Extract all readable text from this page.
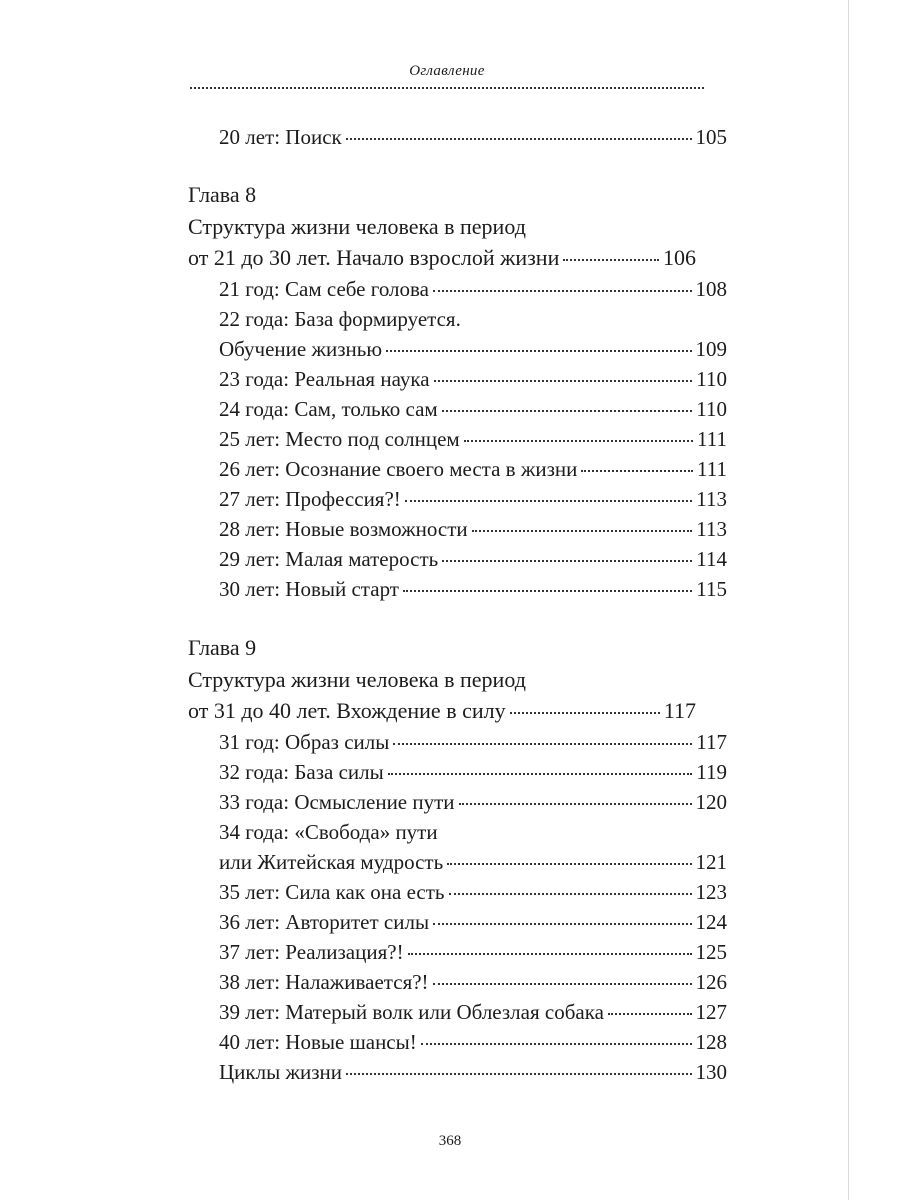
Оглавление
20 лет: Поиск	105
Глава 8
Структура жизни человека в период
от 21 до 30 лет. Начало взрослой жизни	106
21 год: Сам себе голова	108
22 года: База формируется.
Обучение жизнью	109
23 года: Реальная наука	110
24 года: Сам, только сам	110
25 лет: Место под солнцем	111
26 лет: Осознание своего места в жизни	111
27 лет: Профессия?!	113
28 лет: Новые возможности	113
29 лет: Малая матерость	114
30 лет: Новый старт	115
Глава 9
Структура жизни человека в период
от 31 до 40 лет. Вхождение в силу	117
31 год: Образ силы	117
32 года: База силы	119
33 года: Осмысление пути	120
34 года: «Свобода» пути
или Житейская мудрость	121
35 лет: Сила как она есть	123
36 лет: Авторитет силы	124
37 лет: Реализация?!	125
38 лет: Налаживается?!	126
39 лет: Матерый волк или Облезлая собака	127
40 лет: Новые шансы!	128
Циклы жизни	130
368
